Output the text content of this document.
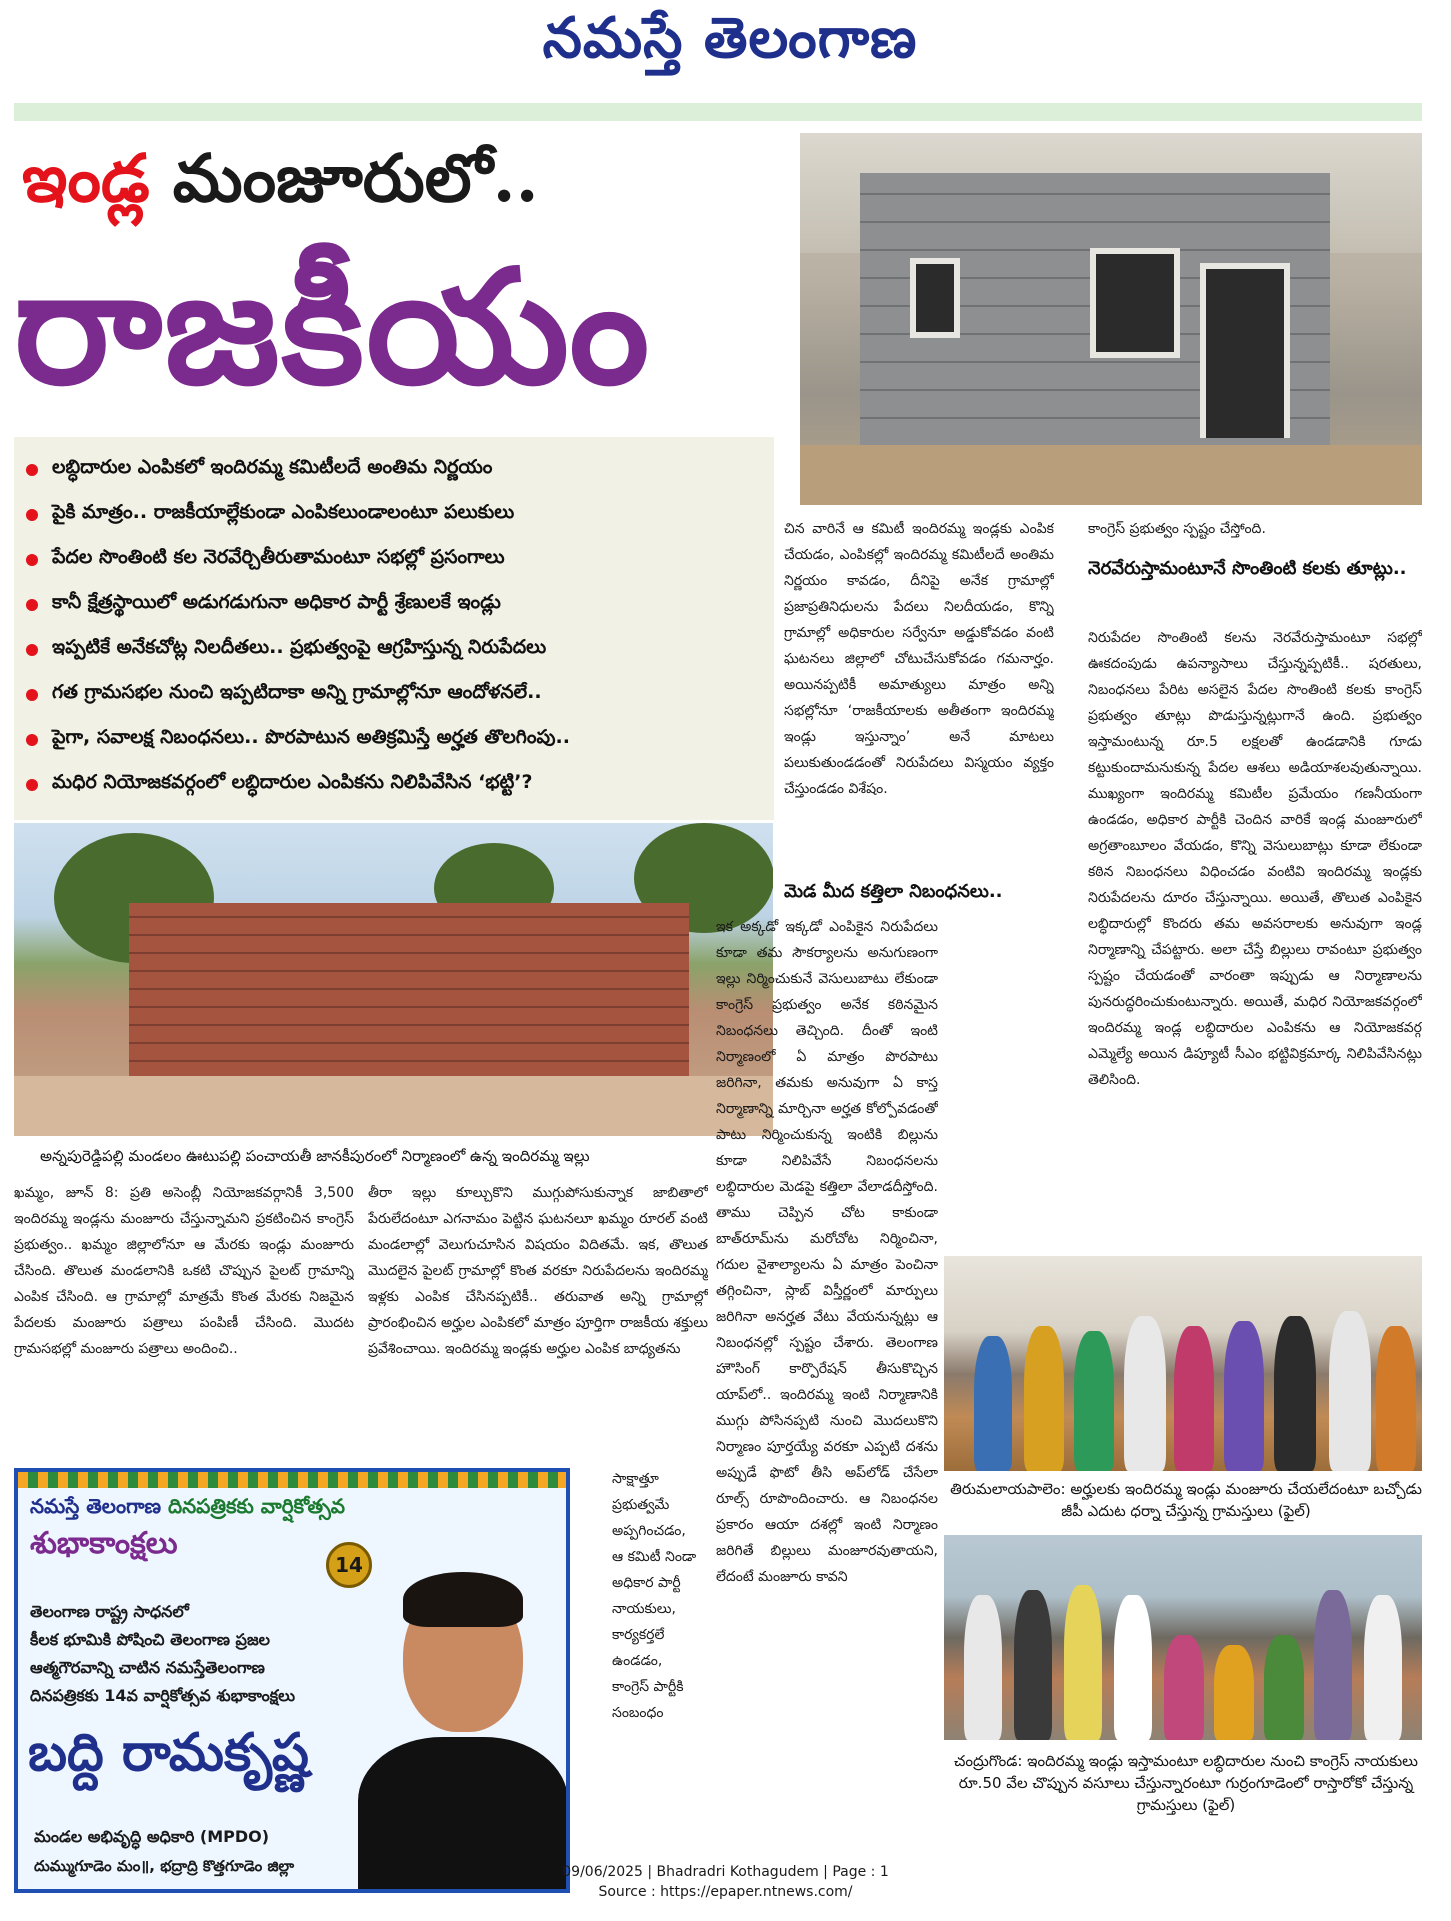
నమస్తే తెలంగాణ
ఇండ్ల మంజూరులో..
రాజకీయం
లబ్ధిదారుల ఎంపికలో ఇందిరమ్మ కమిటీలదే అంతిమ నిర్ణయం
పైకి మాత్రం.. రాజకీయాల్లేకుండా ఎంపికలుండాలంటూ పలుకులు
పేదల సొంతింటి కల నెరవేర్చితీరుతామంటూ సభల్లో ప్రసంగాలు
కానీ క్షేత్రస్థాయిలో అడుగడుగునా అధికార పార్టీ శ్రేణులకే ఇండ్లు
ఇప్పటికే అనేకచోట్ల నిలదీతలు.. ప్రభుత్వంపై ఆగ్రహిస్తున్న నిరుపేదలు
గత గ్రామసభల నుంచి ఇప్పటిదాకా అన్ని గ్రామాల్లోనూ ఆందోళనలే..
పైగా, సవాలక్ష నిబంధనలు.. పొరపాటున అతిక్రమిస్తే అర్హత తొలగింపు..
మధిర నియోజకవర్గంలో లబ్ధిదారుల ఎంపికను నిలిపివేసిన ‘భట్టి’?
అన్నపురెడ్డిపల్లి మండలం ఊటుపల్లి పంచాయతీ జానకీపురంలో నిర్మాణంలో ఉన్న ఇందిరమ్మ ఇల్లు

ఖమ్మం, జూన్ 8: ప్రతి అసెంబ్లీ నియోజకవర్గానికీ 3,500 ఇందిరమ్మ ఇండ్లను మంజూరు చేస్తున్నామని ప్రకటించిన కాంగ్రెస్ ప్రభుత్వం.. ఖమ్మం జిల్లాలోనూ ఆ మేరకు ఇండ్లు మంజూరు చేసింది. తొలుత మండలానికి ఒకటి చొప్పున పైలట్ గ్రామాన్ని ఎంపిక చేసింది. ఆ గ్రామాల్లో మాత్రమే కొంత మేరకు నిజమైన పేదలకు మంజూరు పత్రాలు పంపిణీ చేసింది. మొదట గ్రామసభల్లో మంజూరు పత్రాలు అందించి..

తీరా ఇల్లు కూల్చుకొని ముగ్గుపోసుకున్నాక జాబితాలో పేరులేదంటూ ఎగనామం పెట్టిన ఘటనలూ ఖమ్మం రూరల్ వంటి మండలాల్లో వెలుగుచూసిన విషయం విదితమే. ఇక, తొలుత మొదలైన పైలట్ గ్రామాల్లో కొంత వరకూ నిరుపేదలను ఇందిరమ్మ ఇళ్లకు ఎంపిక చేసినప్పటికీ.. తరువాత అన్ని గ్రామాల్లో ప్రారంభించిన అర్హుల ఎంపికలో మాత్రం పూర్తిగా రాజకీయ శక్తులు ప్రవేశించాయి. ఇందిరమ్మ ఇండ్లకు అర్హుల ఎంపిక బాధ్యతను

సాక్షాత్తూ ప్రభుత్వమే అప్పగించడం, ఆ కమిటీ నిండా అధికార పార్టీ నాయకులు, కార్యకర్తలే ఉండడం, కాంగ్రెస్ పార్టీకి సంబంధం

చిన వారినే ఆ కమిటీ ఇందిరమ్మ ఇండ్లకు ఎంపిక చేయడం, ఎంపికల్లో ఇందిరమ్మ కమిటీలదే అంతిమ నిర్ణయం కావడం, దీనిపై అనేక గ్రామాల్లో ప్రజాప్రతినిధులను పేదలు నిలదీయడం, కొన్ని గ్రామాల్లో అధికారుల సర్వేనూ అడ్డుకోవడం వంటి ఘటనలు జిల్లాలో చోటుచేసుకోవడం గమనార్హం. అయినప్పటికీ అమాత్యులు మాత్రం అన్ని సభల్లోనూ ‘రాజకీయాలకు అతీతంగా ఇందిరమ్మ ఇండ్లు ఇస్తున్నాం’ అనే మాటలు పలుకుతుండడంతో నిరుపేదలు విస్మయం వ్యక్తం చేస్తుండడం విశేషం.

మెడ మీద కత్తిలా నిబంధనలు..

ఇక అక్కడో ఇక్కడో ఎంపికైన నిరుపేదలు కూడా తమ సౌకర్యాలను అనుగుణంగా ఇల్లు నిర్మించుకునే వెసులుబాటు లేకుండా కాంగ్రెస్ ప్రభుత్వం అనేక కఠినమైన నిబంధనలు తెచ్చింది. దీంతో ఇంటి నిర్మాణంలో ఏ మాత్రం పొరపాటు జరిగినా, తమకు అనువుగా ఏ కాస్త నిర్మాణాన్ని మార్చినా అర్హత కోల్పోవడంతో పాటు నిర్మించుకున్న ఇంటికి బిల్లును కూడా నిలిపివేసే నిబంధనలను లబ్ధిదారుల మెడపై కత్తిలా వేలాడదీస్తోంది. తాము చెప్పిన చోట కాకుండా బాత్‌రూమ్‌ను మరోచోట నిర్మించినా, గదుల వైశాల్యాలను ఏ మాత్రం పెంచినా తగ్గించినా, స్లాబ్ విస్తీర్ణంలో మార్పులు జరిగినా అనర్హత వేటు వేయనున్నట్లు ఆ నిబంధనల్లో స్పష్టం చేశారు. తెలంగాణ హౌసింగ్ కార్పొరేషన్ తీసుకొచ్చిన యాప్‌లో.. ఇందిరమ్మ ఇంటి నిర్మాణానికి ముగ్గు పోసినప్పటి నుంచి మొదలుకొని నిర్మాణం పూర్తయ్యే వరకూ ఎప్పటి దశను అప్పుడే ఫొటో తీసి అప్‌లోడ్ చేసేలా రూల్స్ రూపొందించారు. ఆ నిబంధనల ప్రకారం ఆయా దశల్లో ఇంటి నిర్మాణం జరిగితే బిల్లులు మంజూరవుతాయని, లేదంటే మంజూరు కావని

కాంగ్రెస్ ప్రభుత్వం స్పష్టం చేస్తోంది.

నెరవేరుస్తామంటూనే సొంతింటి కలకు తూట్లు..

నిరుపేదల సొంతింటి కలను నెరవేరుస్తామంటూ సభల్లో ఊకదంపుడు ఉపన్యాసాలు చేస్తున్నప్పటికీ.. షరతులు, నిబంధనలు పేరిట అసలైన పేదల సొంతింటి కలకు కాంగ్రెస్ ప్రభుత్వం తూట్లు పొడుస్తున్నట్లుగానే ఉంది. ప్రభుత్వం ఇస్తామంటున్న రూ.5 లక్షలతో ఉండడానికి గూడు కట్టుకుందామనుకున్న పేదల ఆశలు అడియాశలవుతున్నాయి. ముఖ్యంగా ఇందిరమ్మ కమిటీల ప్రమేయం గణనీయంగా ఉండడం, అధికార పార్టీకి చెందిన వారికే ఇండ్ల మంజూరులో అగ్రతాంబూలం వేయడం, కొన్ని వెసులుబాట్లు కూడా లేకుండా కఠిన నిబంధనలు విధించడం వంటివి ఇందిరమ్మ ఇండ్లకు నిరుపేదలను దూరం చేస్తున్నాయి. అయితే, తొలుత ఎంపికైన లబ్ధిదారుల్లో కొందరు తమ అవసరాలకు అనువుగా ఇండ్ల నిర్మాణాన్ని చేపట్టారు. అలా చేస్తే బిల్లులు రావంటూ ప్రభుత్వం స్పష్టం చేయడంతో వారంతా ఇప్పుడు ఆ నిర్మాణాలను పునరుద్ధరించుకుంటున్నారు. అయితే, మధిర నియోజకవర్గంలో ఇందిరమ్మ ఇండ్ల లబ్ధిదారుల ఎంపికను ఆ నియోజకవర్గ ఎమ్మెల్యే అయిన డిప్యూటీ సీఎం భట్టివిక్రమార్క నిలిపివేసినట్లు తెలిసింది.

తిరుమలాయపాలెం: అర్హులకు ఇందిరమ్మ ఇండ్లు మంజూరు చేయలేదంటూ బచ్చోడు జీపీ ఎదుట ధర్నా చేస్తున్న గ్రామస్తులు (ఫైల్)
చంద్రుగొండ: ఇందిరమ్మ ఇండ్లు ఇస్తామంటూ లబ్ధిదారుల నుంచి కాంగ్రెస్ నాయకులు రూ.50 వేల చొప్పున వసూలు చేస్తున్నారంటూ గుర్రంగూడెంలో రాస్తారోకో చేస్తున్న గ్రామస్తులు (ఫైల్)
నమస్తే తెలంగాణ దినపత్రికకు వార్షికోత్సవ
శుభాకాంక్షలు
14
తెలంగాణ రాష్ట్ర సాధనలో
కీలక భూమికి పోషించి తెలంగాణ ప్రజల
ఆత్మగౌరవాన్ని చాటిన నమస్తేతెలంగాణ
దినపత్రికకు 14వ వార్షికోత్సవ శుభాకాంక్షలు
బద్ది రామకృష్ణ
మండల అభివృద్ధి అధికారి (MPDO)
దుమ్ముగూడెం మం॥, భద్రాద్రి కొత్తగూడెం జిల్లా	09/06/2025 | Bhadradri Kothagudem | Page : 1
Source : https://epaper.ntnews.com/
